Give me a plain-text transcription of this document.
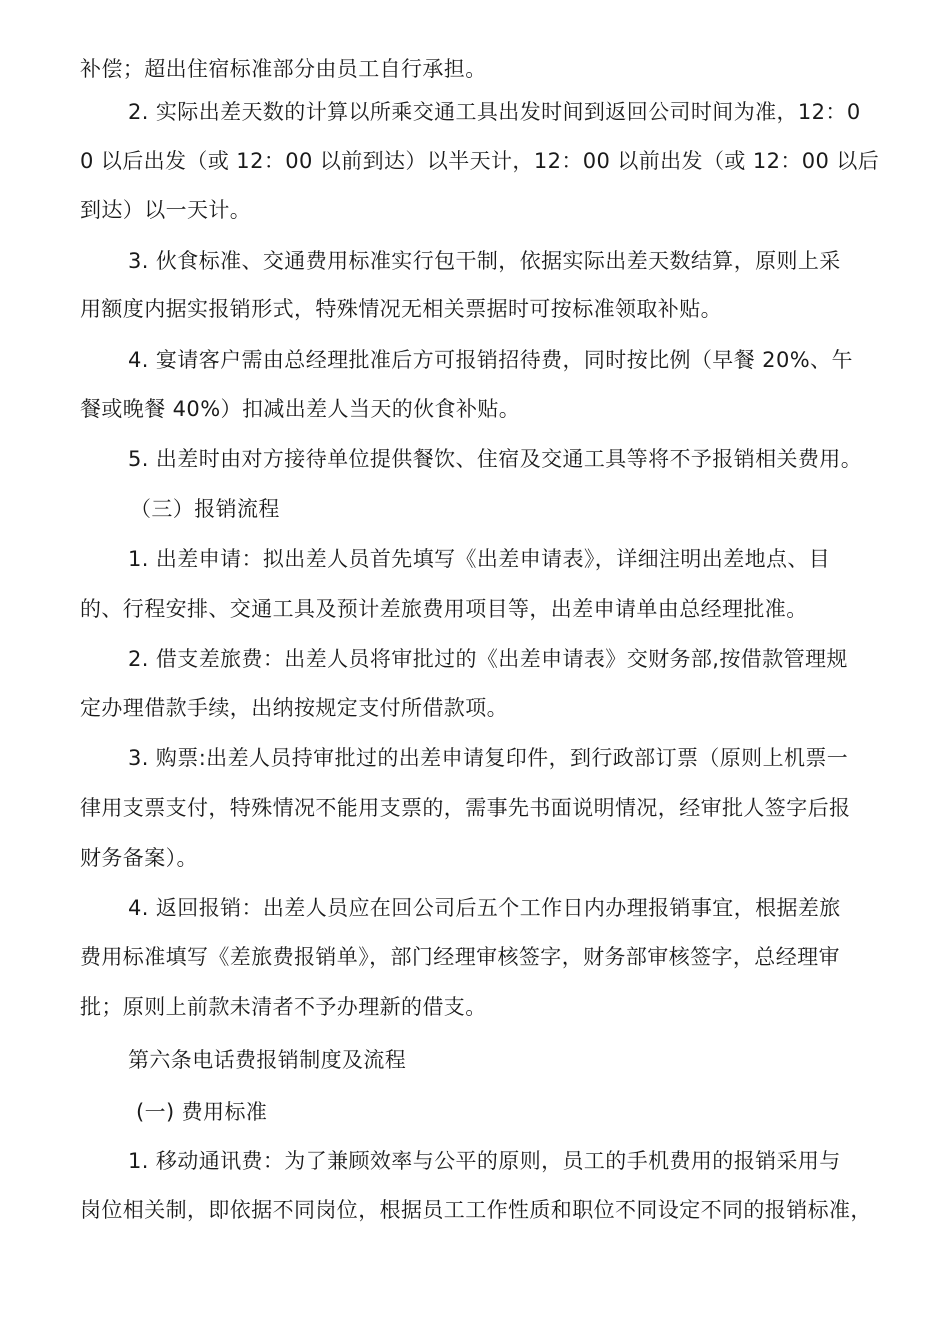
补偿；超出住宿标准部分由员工自行承担。
2. 实际出差天数的计算以所乘交通工具出发时间到返回公司时间为准，12：0
0 以后出发（或 12：00 以前到达）以半天计，12：00 以前出发（或 12：00 以后
到达）以一天计。
3. 伙食标准、交通费用标准实行包干制，依据实际出差天数结算，原则上采
用额度内据实报销形式，特殊情况无相关票据时可按标准领取补贴。
4. 宴请客户需由总经理批准后方可报销招待费，同时按比例（早餐 20%、午
餐或晚餐 40%）扣减出差人当天的伙食补贴。
5. 出差时由对方接待单位提供餐饮、住宿及交通工具等将不予报销相关费用。
（三）报销流程
1. 出差申请：拟出差人员首先填写《出差申请表》，详细注明出差地点、目
的、行程安排、交通工具及预计差旅费用项目等，出差申请单由总经理批准。
2. 借支差旅费：出差人员将审批过的《出差申请表》交财务部,按借款管理规
定办理借款手续，出纳按规定支付所借款项。
3. 购票:出差人员持审批过的出差申请复印件，到行政部订票（原则上机票一
律用支票支付，特殊情况不能用支票的，需事先书面说明情况，经审批人签字后报
财务备案）。
4. 返回报销：出差人员应在回公司后五个工作日内办理报销事宜，根据差旅
费用标准填写《差旅费报销单》，部门经理审核签字，财务部审核签字，总经理审
批；原则上前款未清者不予办理新的借支。
第六条电话费报销制度及流程
(一) 费用标准
1. 移动通讯费：为了兼顾效率与公平的原则，员工的手机费用的报销采用与
岗位相关制，即依据不同岗位，根据员工工作性质和职位不同设定不同的报销标准，
